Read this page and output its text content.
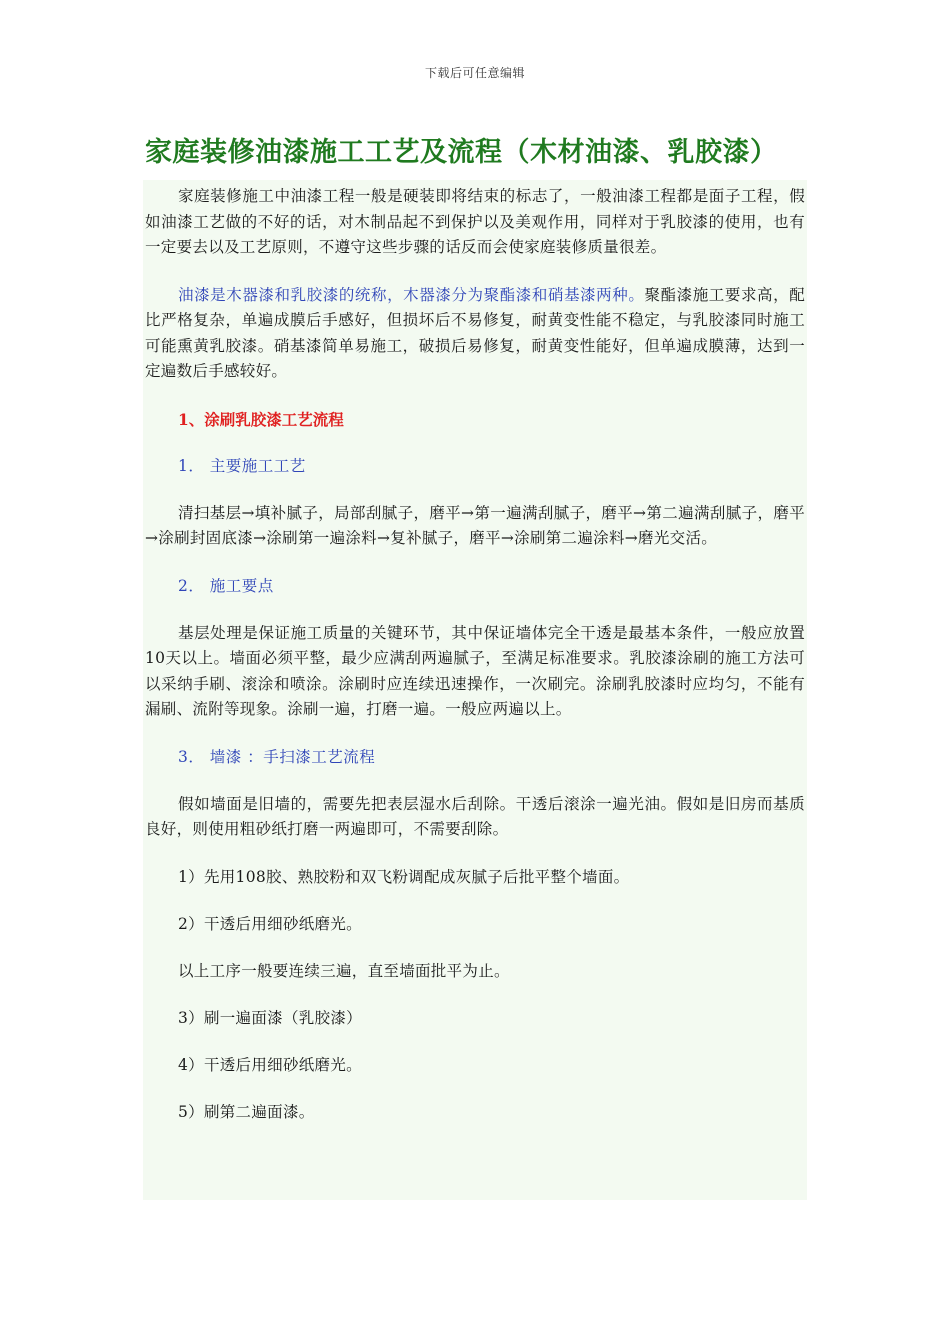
下载后可任意编辑
家庭装修油漆施工工艺及流程（木材油漆、乳胶漆）

家庭装修施工中油漆工程一般是硬装即将结束的标志了，一般油漆工程都是面子工程，假如油漆工艺做的不好的话，对木制品起不到保护以及美观作用，同样对于乳胶漆的使用，也有一定要去以及工艺原则，不遵守这些步骤的话反而会使家庭装修质量很差。

油漆是木器漆和乳胶漆的统称，木器漆分为聚酯漆和硝基漆两种。聚酯漆施工要求高，配比严格复杂，单遍成膜后手感好，但损坏后不易修复，耐黄变性能不稳定，与乳胶漆同时施工可能熏黄乳胶漆。硝基漆简单易施工，破损后易修复，耐黄变性能好，但单遍成膜薄，达到一定遍数后手感较好。

1、涂刷乳胶漆工艺流程
1． 主要施工工艺

清扫基层→填补腻子，局部刮腻子，磨平→第一遍满刮腻子，磨平→第二遍满刮腻子，磨平→涂刷封固底漆→涂刷第一遍涂料→复补腻子，磨平→涂刷第二遍涂料→磨光交活。

2． 施工要点

基层处理是保证施工质量的关键环节，其中保证墙体完全干透是最基本条件，一般应放置10天以上。墙面必须平整，最少应满刮两遍腻子，至满足标准要求。乳胶漆涂刷的施工方法可以采纳手刷、滚涂和喷涂。涂刷时应连续迅速操作，一次刷完。涂刷乳胶漆时应均匀，不能有漏刷、流附等现象。涂刷一遍，打磨一遍。一般应两遍以上。

3． 墙漆 ：手扫漆工艺流程

假如墙面是旧墙的，需要先把表层湿水后刮除。干透后滚涂一遍光油。假如是旧房而基质良好，则使用粗砂纸打磨一两遍即可，不需要刮除。

1）先用108胶、熟胶粉和双飞粉调配成灰腻子后批平整个墙面。
2）干透后用细砂纸磨光。
以上工序一般要连续三遍，直至墙面批平为止。
3）刷一遍面漆（乳胶漆）
4）干透后用细砂纸磨光。
5）刷第二遍面漆。
